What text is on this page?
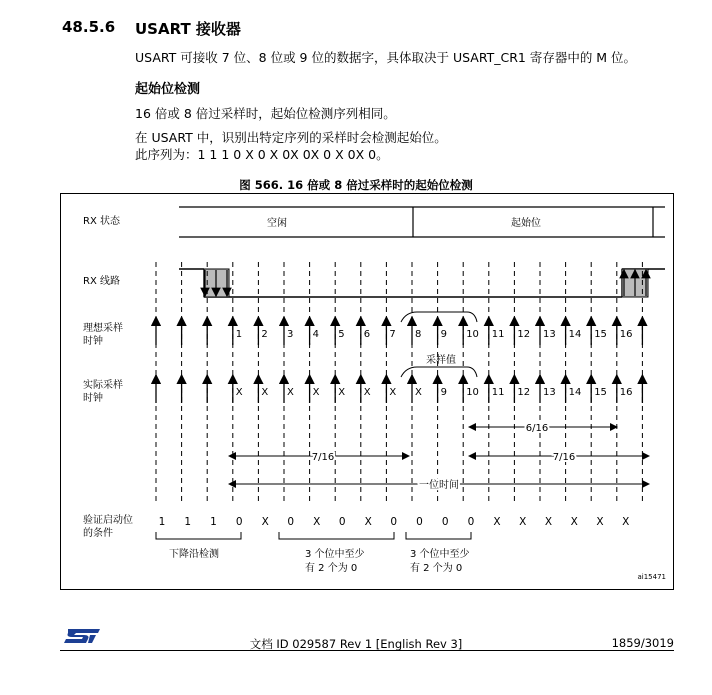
48.5.6 USART 接收器
USART 可接收 7 位、8 位或 9 位的数据字，具体取决于 USART_CR1 寄存器中的 M 位。
起始位检测
16 倍或 8 倍过采样时，起始位检测序列相同。
在 USART 中，识别出特定序列的采样时会检测起始位。
此序列为：1 1 1 0 X 0 X 0X 0X 0 X 0X 0。
图 566. 16 倍或 8 倍过采样时的起始位检测
RX 状态
RX 线路
理想采样
时钟
实际采样
时钟
验证启动位
的条件
空闲	起始位
1 2 3 4 5 6 7 8 9 10 11 12 13 14 15 16
X X X X X X X X 9 10 11 12 13 14 15 16
采样值
6/16
7/16	7/16
一位时间
1 1 1 0 X 0 X 0 X 0 0 0 0 X X X X X X
下降沿检测	3 个位中至少
有 2 个为 0
3 个位中至少
有 2 个为 0
ai15471
文档 ID 029587 Rev 1 [English Rev 3]	1859/3019
